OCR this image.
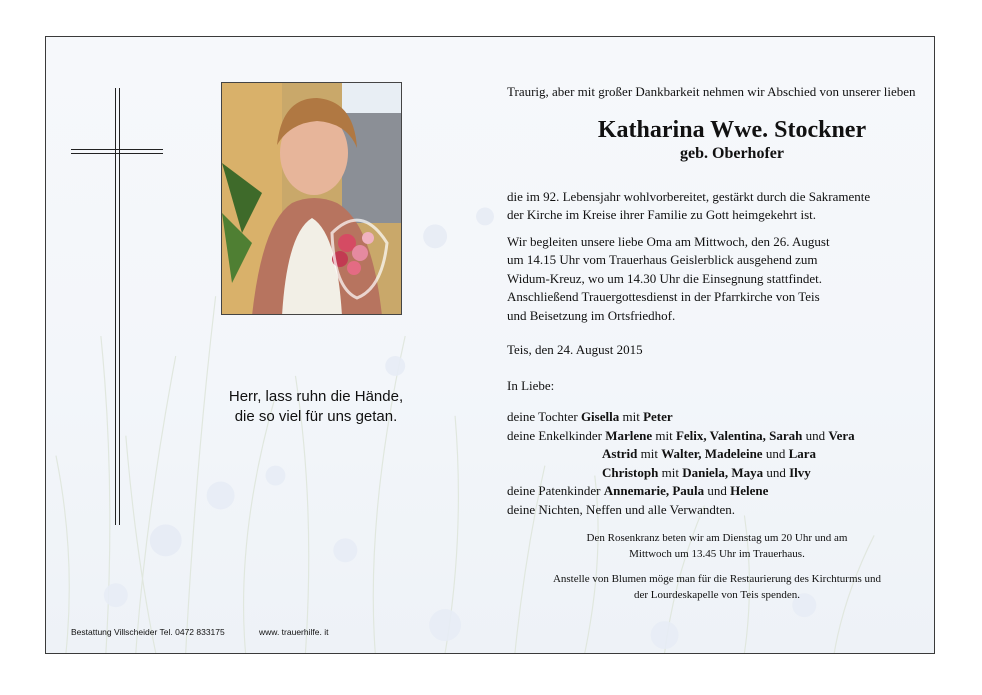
Herr, lass ruhn die Hände,
die so viel für uns getan.
Bestattung Villscheider Tel. 0472 833175	www. trauerhilfe. it

Traurig, aber mit großer Dankbarkeit nehmen wir Abschied von unserer lieben

Katharina Wwe. Stockner

geb. Oberhofer

die im 92. Lebensjahr wohlvorbereitet, gestärkt durch die Sakramente
der Kirche im Kreise ihrer Familie zu Gott heimgekehrt ist.
Wir begleiten unsere liebe Oma am Mittwoch, den 26. August
um 14.15 Uhr vom Trauerhaus Geislerblick ausgehend zum
Widum-Kreuz, wo um 14.30 Uhr die Einsegnung stattfindet.
Anschließend Trauergottesdienst in der Pfarrkirche von Teis
und Beisetzung im Ortsfriedhof.
Teis, den 24. August 2015
In Liebe:
deine Tochter Gisella mit Peter
deine Enkelkinder Marlene mit Felix, Valentina, Sarah und Vera
Astrid mit Walter, Madeleine und Lara
Christoph mit Daniela, Maya und Ilvy
deine Patenkinder Annemarie, Paula und Helene
deine Nichten, Neffen und alle Verwandten.
Den Rosenkranz beten wir am Dienstag um 20 Uhr und am
Mittwoch um 13.45 Uhr im Trauerhaus.
Anstelle von Blumen möge man für die Restaurierung des Kirchturms und
der Lourdeskapelle von Teis spenden.
